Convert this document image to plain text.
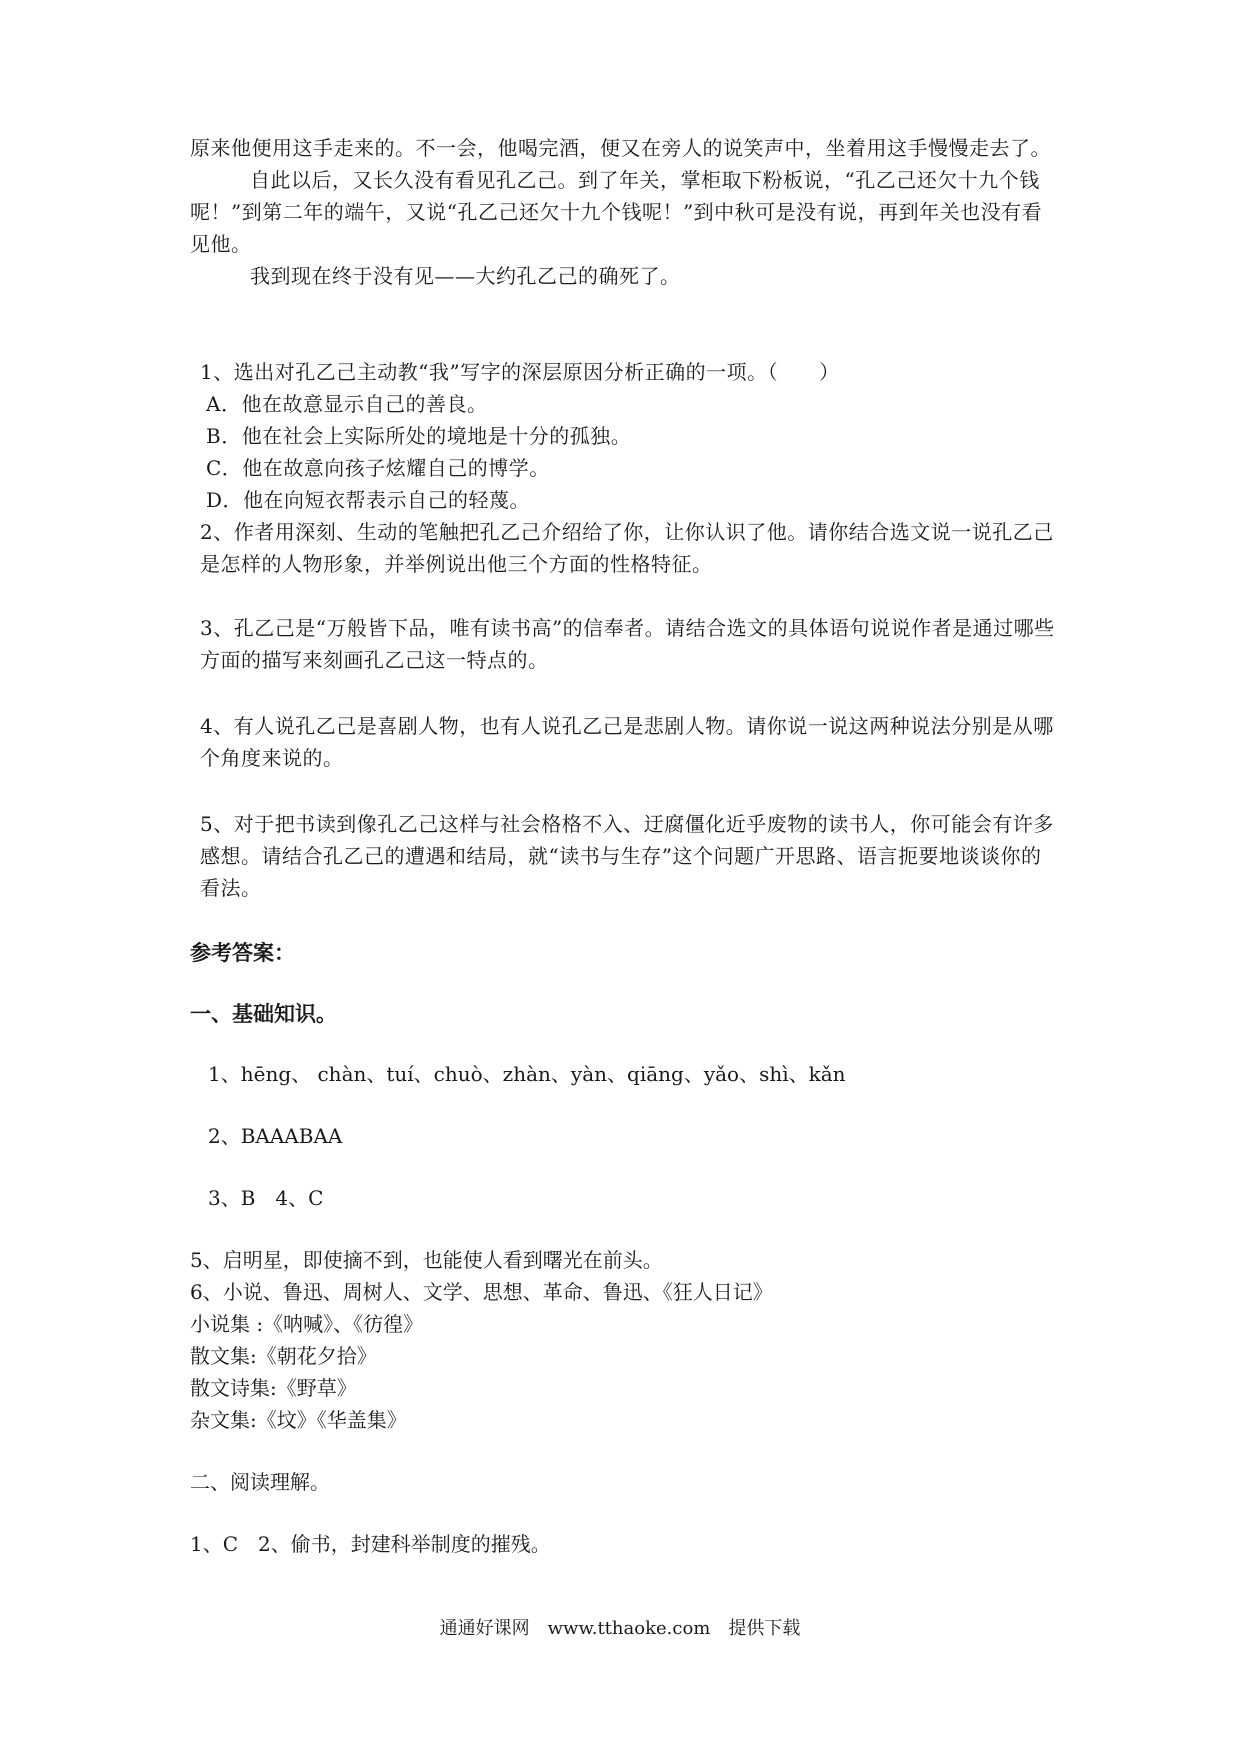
原来他便用这手走来的。不一会，他喝完酒，便又在旁人的说笑声中，坐着用这手慢慢走去了。

自此以后，又长久没有看见孔乙己。到了年关，掌柜取下粉板说，“孔乙己还欠十九个钱呢！”到第二年的端午，又说“孔乙己还欠十九个钱呢！”到中秋可是没有说，再到年关也没有看见他。

我到现在终于没有见——大约孔乙己的确死了。

1、选出对孔乙己主动教“我”写字的深层原因分析正确的一项。（　　）

A．他在故意显示自己的善良。

B．他在社会上实际所处的境地是十分的孤独。

C．他在故意向孩子炫耀自己的博学。

D．他在向短衣帮表示自己的轻蔑。

2、作者用深刻、生动的笔触把孔乙己介绍给了你，让你认识了他。请你结合选文说一说孔乙己是怎样的人物形象，并举例说出他三个方面的性格特征。

3、孔乙己是“万般皆下品，唯有读书高”的信奉者。请结合选文的具体语句说说作者是通过哪些方面的描写来刻画孔乙己这一特点的。

4、有人说孔乙己是喜剧人物，也有人说孔乙己是悲剧人物。请你说一说这两种说法分别是从哪个角度来说的。

5、对于把书读到像孔乙己这样与社会格格不入、迂腐僵化近乎废物的读书人，你可能会有许多感想。请结合孔乙己的遭遇和结局，就“读书与生存”这个问题广开思路、语言扼要地谈谈你的看法。

参考答案：

一、基础知识。

1、hēng、 chàn、tuí、chuò、zhàn、yàn、qiāng、yǎo、shì、kǎn

2、BAAABAA

3、B　4、C

5、启明星，即使摘不到，也能使人看到曙光在前头。

6、小说、鲁迅、周树人、文学、思想、革命、鲁迅、《狂人日记》

小说集 :《呐喊》、《彷徨》

散文集:《朝花夕拾》

散文诗集:《野草》

杂文集:《坟》《华盖集》

二、阅读理解。

1、C　2、偷书，封建科举制度的摧残。

通通好课网　www.tthaoke.com　提供下载
